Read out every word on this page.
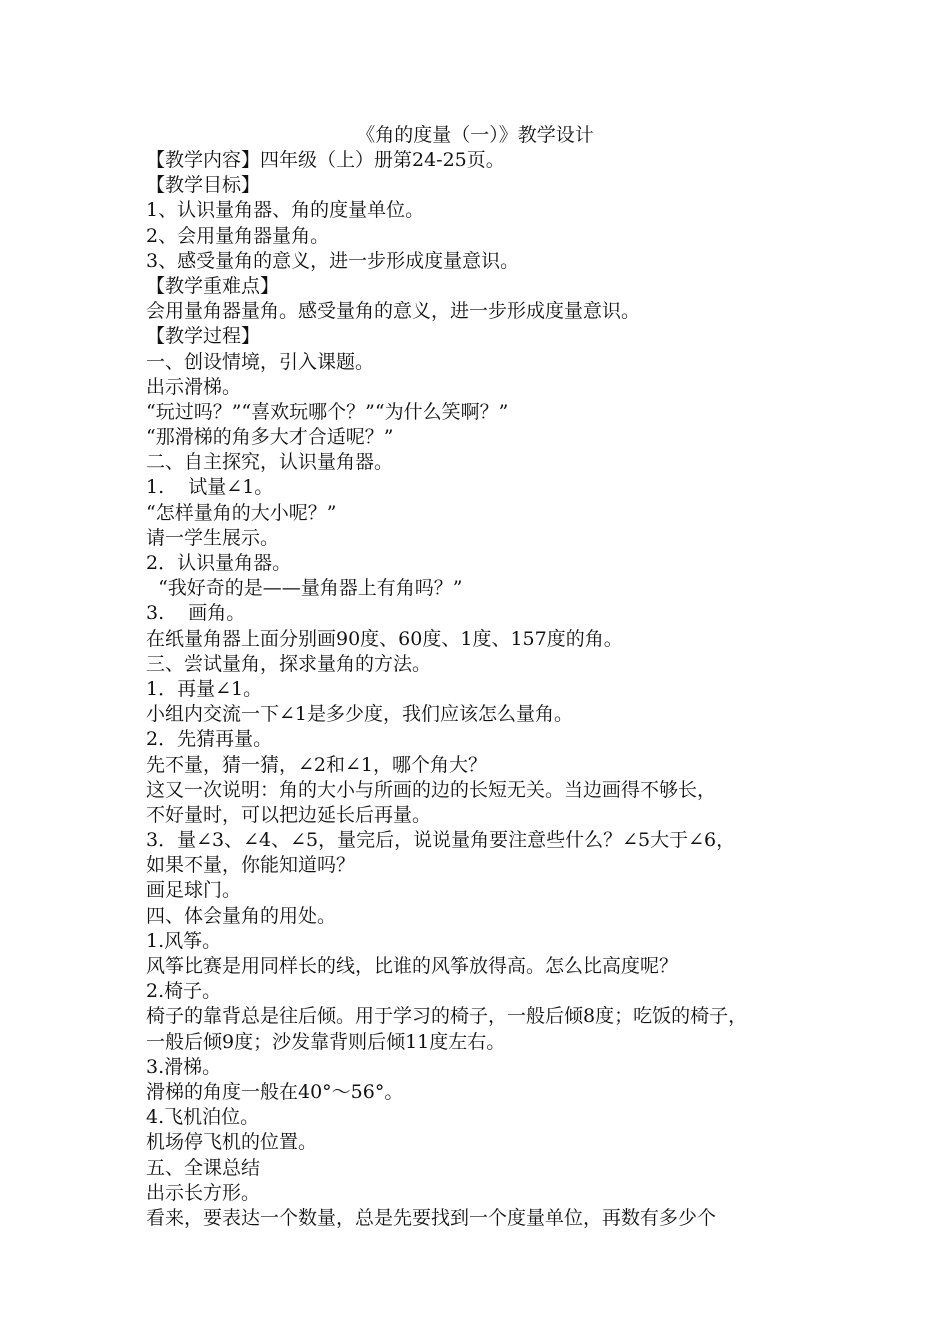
《角的度量（一）》教学设计
【教学内容】四年级（上）册第24-25页。
【教学目标】
1、认识量角器、角的度量单位。
2、会用量角器量角。
3、感受量角的意义，进一步形成度量意识。
【教学重难点】
会用量角器量角。感受量角的意义，进一步形成度量意识。
【教学过程】
一、创设情境，引入课题。
出示滑梯。
“玩过吗？”“喜欢玩哪个？”“为什么笑啊？”
“那滑梯的角多大才合适呢？”
二、自主探究，认识量角器。
1.    试量∠1。
“怎样量角的大小呢？”
请一学生展示。
2．认识量角器。
“我好奇的是——量角器上有角吗？”
3.    画角。
在纸量角器上面分别画90度、60度、1度、157度的角。
三、尝试量角，探求量角的方法。
1．再量∠1。
小组内交流一下∠1是多少度，我们应该怎么量角。
2．先猜再量。
先不量，猜一猜，∠2和∠1，哪个角大？
这又一次说明：角的大小与所画的边的长短无关。当边画得不够长，
不好量时，可以把边延长后再量。
3．量∠3、∠4、∠5，量完后，说说量角要注意些什么？∠5大于∠6，
如果不量，你能知道吗？
画足球门。
四、体会量角的用处。
1.风筝。
风筝比赛是用同样长的线，比谁的风筝放得高。怎么比高度呢？
2.椅子。
椅子的靠背总是往后倾。用于学习的椅子，一般后倾8度；吃饭的椅子，
一般后倾9度；沙发靠背则后倾11度左右。
3.滑梯。
滑梯的角度一般在40°～56°。
4.飞机泊位。
机场停飞机的位置。
五、全课总结
出示长方形。
看来，要表达一个数量，总是先要找到一个度量单位，再数有多少个
